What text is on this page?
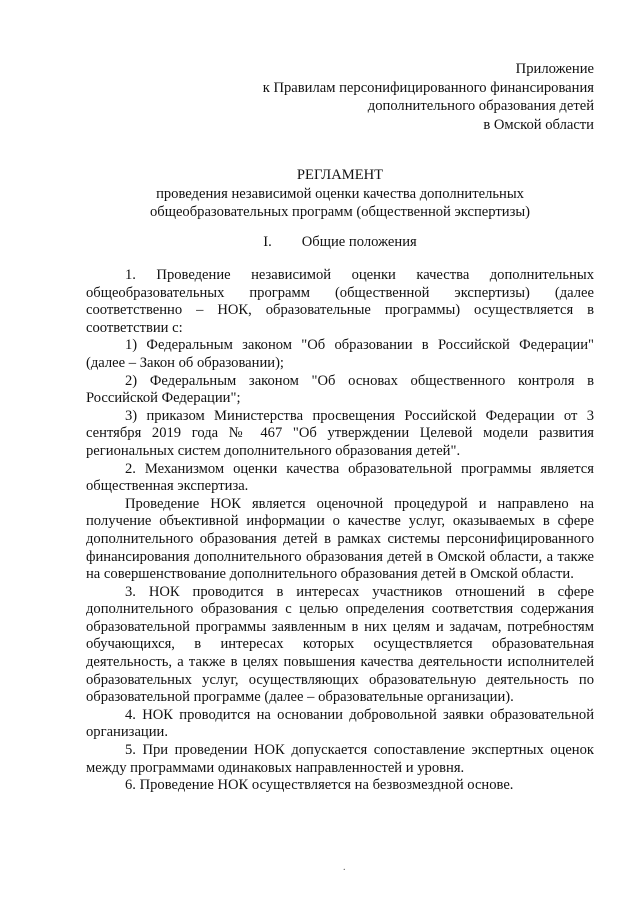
Приложение
к Правилам персонифицированного финансирования
дополнительного образования детей
в Омской области
РЕГЛАМЕНТ
проведения независимой оценки качества дополнительных
общеобразовательных программ (общественной экспертизы)
I. Общие положения

1. Проведение независимой оценки качества дополнительных общеобразовательных программ (общественной экспертизы) (далее соответственно – НОК, образовательные программы) осуществляется в соответствии с:

1) Федеральным законом "Об образовании в Российской Федерации" (далее – Закон об образовании);

2) Федеральным законом "Об основах общественного контроля в Российской Федерации";

3) приказом Министерства просвещения Российской Федерации от 3 сентября 2019 года № 467 "Об утверждении Целевой модели развития региональных систем дополнительного образования детей".

2. Механизмом оценки качества образовательной программы является общественная экспертиза.

Проведение НОК является оценочной процедурой и направлено на получение объективной информации о качестве услуг, оказываемых в сфере дополнительного образования детей в рамках системы персонифицированного финансирования дополнительного образования детей в Омской области, а также на совершенствование дополнительного образования детей в Омской области.

3. НОК проводится в интересах участников отношений в сфере дополнительного образования с целью определения соответствия содержания образовательной программы заявленным в них целям и задачам, потребностям обучающихся, в интересах которых осуществляется образовательная деятельность, а также в целях повышения качества деятельности исполнителей образовательных услуг, осуществляющих образовательную деятельность по образовательной программе (далее – образовательные организации).

4. НОК проводится на основании добровольной заявки образовательной организации.

5. При проведении НОК допускается сопоставление экспертных оценок между программами одинаковых направленностей и уровня.

6. Проведение НОК осуществляется на безвозмездной основе.

.
